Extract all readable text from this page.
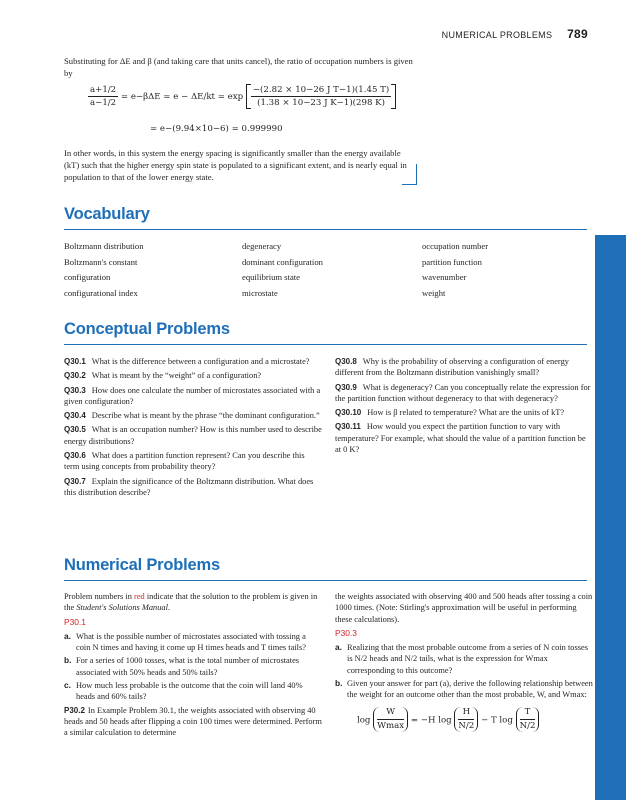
NUMERICAL PROBLEMS 789

Substituting for ΔE and β (and taking care that units cancel), the ratio of occupation numbers is given by

$\frac{a+1/2}{a-1/2} = e-\beta\Delta E = e - \Delta E/kt = \exp \frac{\text{−(2.82 × 10−26 J T−1)(1.45 T)}}{\text{(1.38 × 10−23 J K−1)(298 K)}}$
= e−(9.94×10−6) = 0.999990

In other words, in this system the energy spacing is significantly smaller than the energy available (kT) such that the higher energy spin state is populated to a significant extent, and is nearly equal in population to that of the lower energy state.

Vocabulary
Boltzmann distribution	degeneracy	occupation number
Boltzmann's constant	dominant configuration	partition function
configuration	equilibrium state	wavenumber
configurational index	microstate	weight
Conceptual Problems

Q30.1 What is the difference between a configuration and a microstate?

Q30.2 What is meant by the “weight” of a configuration?

Q30.3 How does one calculate the number of microstates associated with a given configuration?

Q30.4 Describe what is meant by the phrase “the dominant configuration.”

Q30.5 What is an occupation number? How is this number used to describe energy distributions?

Q30.6 What does a partition function represent? Can you describe this term using concepts from probability theory?

Q30.7 Explain the significance of the Boltzmann distribution. What does this distribution describe?

Q30.8 Why is the probability of observing a configuration of energy different from the Boltzmann distribution vanishingly small?

Q30.9 What is degeneracy? Can you conceptually relate the expression for the partition function without degeneracy to that with degeneracy?

Q30.10 How is β related to temperature? What are the units of kT?

Q30.11 How would you expect the partition function to vary with temperature? For example, what should the value of a partition function be at 0 K?

Numerical Problems

Problem numbers in red indicate that the solution to the problem is given in the Student's Solutions Manual.

P30.1
a. What is the possible number of microstates associated with tossing a coin N times and having it come up H times heads and T times tails?
b. For a series of 1000 tosses, what is the total number of microstates associated with 50% heads and 50% tails?
c. How much less probable is the outcome that the coin will land 40% heads and 60% tails?

P30.2 In Example Problem 30.1, the weights associated with observing 40 heads and 50 heads after flipping a coin 100 times were determined. Perform a similar calculation to determine

the weights associated with observing 400 and 500 heads after tossing a coin 1000 times. (Note: Stirling's approximation will be useful in performing these calculations).

P30.3
a. Realizing that the most probable outcome from a series of N coin tosses is N/2 heads and N/2 tails, what is the expression for Wmax corresponding to this outcome?
b. Given your answer for part (a), derive the following relationship between the weight for an outcome other than the most probable, W, and Wmax:
$\log \frac{W}{Wmax} = -H$ $\log \frac{H}{N/2} - T$ $\log \frac{T}{N/2}$
